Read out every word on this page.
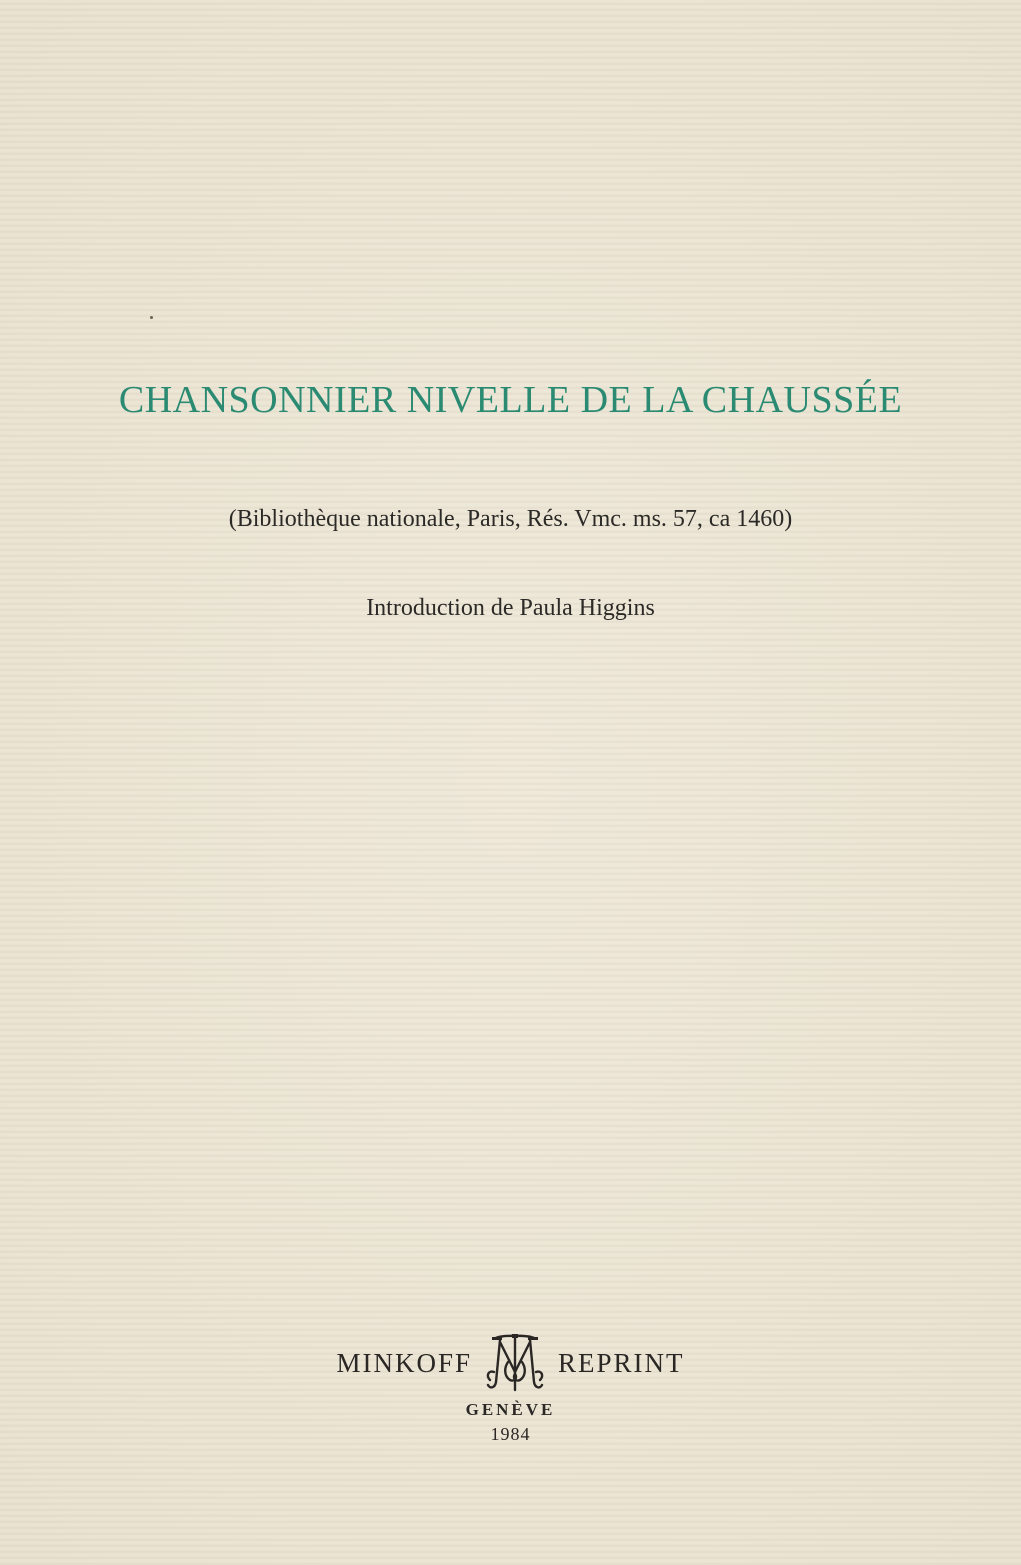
CHANSONNIER NIVELLE DE LA CHAUSSÉE
(Bibliothèque nationale, Paris, Rés. Vmc. ms. 57, ca 1460)
Introduction de Paula Higgins
MINKOFF	REPRINT
GENÈVE
1984
